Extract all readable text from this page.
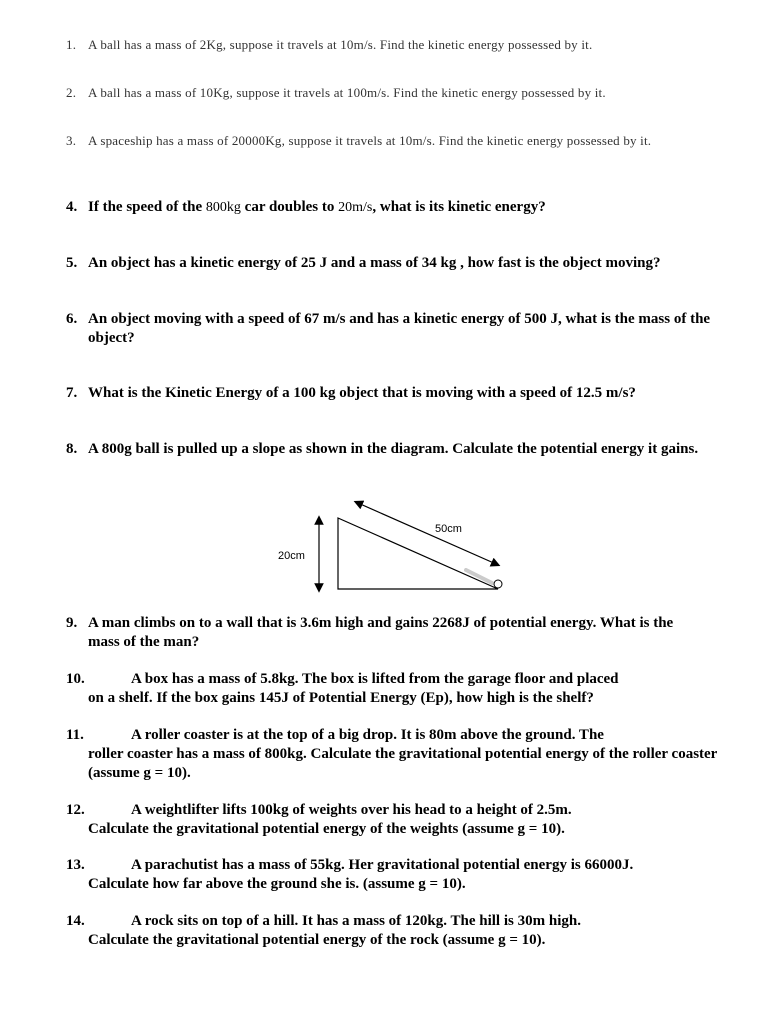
1. A ball has a mass of 2Kg, suppose it travels at 10m/s. Find the kinetic energy possessed by it.
2. A ball has a mass of 10Kg, suppose it travels at 100m/s. Find the kinetic energy possessed by it.
3. A spaceship has a mass of 20000Kg, suppose it travels at 10m/s. Find the kinetic energy possessed by it.
4. If the speed of the 800kg car doubles to 20m/s, what is its kinetic energy?
5. An object has a kinetic energy of 25 J and a mass of 34 kg , how fast is the object moving?
6. An object moving with a speed of 67 m/s and has a kinetic energy of 500 J, what is the mass of the object?
7. What is the Kinetic Energy of a 100 kg object that is moving with a speed of 12.5 m/s?
8. A 800g ball is pulled up a slope as shown in the diagram. Calculate the potential energy it gains.
20cm
50cm
9. A man climbs on to a wall that is 3.6m high and gains 2268J of potential energy. What is the mass of the man?
10.	A box has a mass of 5.8kg. The box is lifted from the garage floor and placed
on a shelf. If the box gains 145J of Potential Energy (Ep), how high is the shelf?
11.	A roller coaster is at the top of a big drop. It is 80m above the ground. The
roller coaster has a mass of 800kg. Calculate the gravitational potential energy of the roller coaster (assume g = 10).
12.	A weightlifter lifts 100kg of weights over his head to a height of 2.5m.
Calculate the gravitational potential energy of the weights (assume g = 10).
13.	A parachutist has a mass of 55kg. Her gravitational potential energy is 66000J.
Calculate how far above the ground she is. (assume g = 10).
14.	A rock sits on top of a hill. It has a mass of 120kg. The hill is 30m high.
Calculate the gravitational potential energy of the rock (assume g = 10).
